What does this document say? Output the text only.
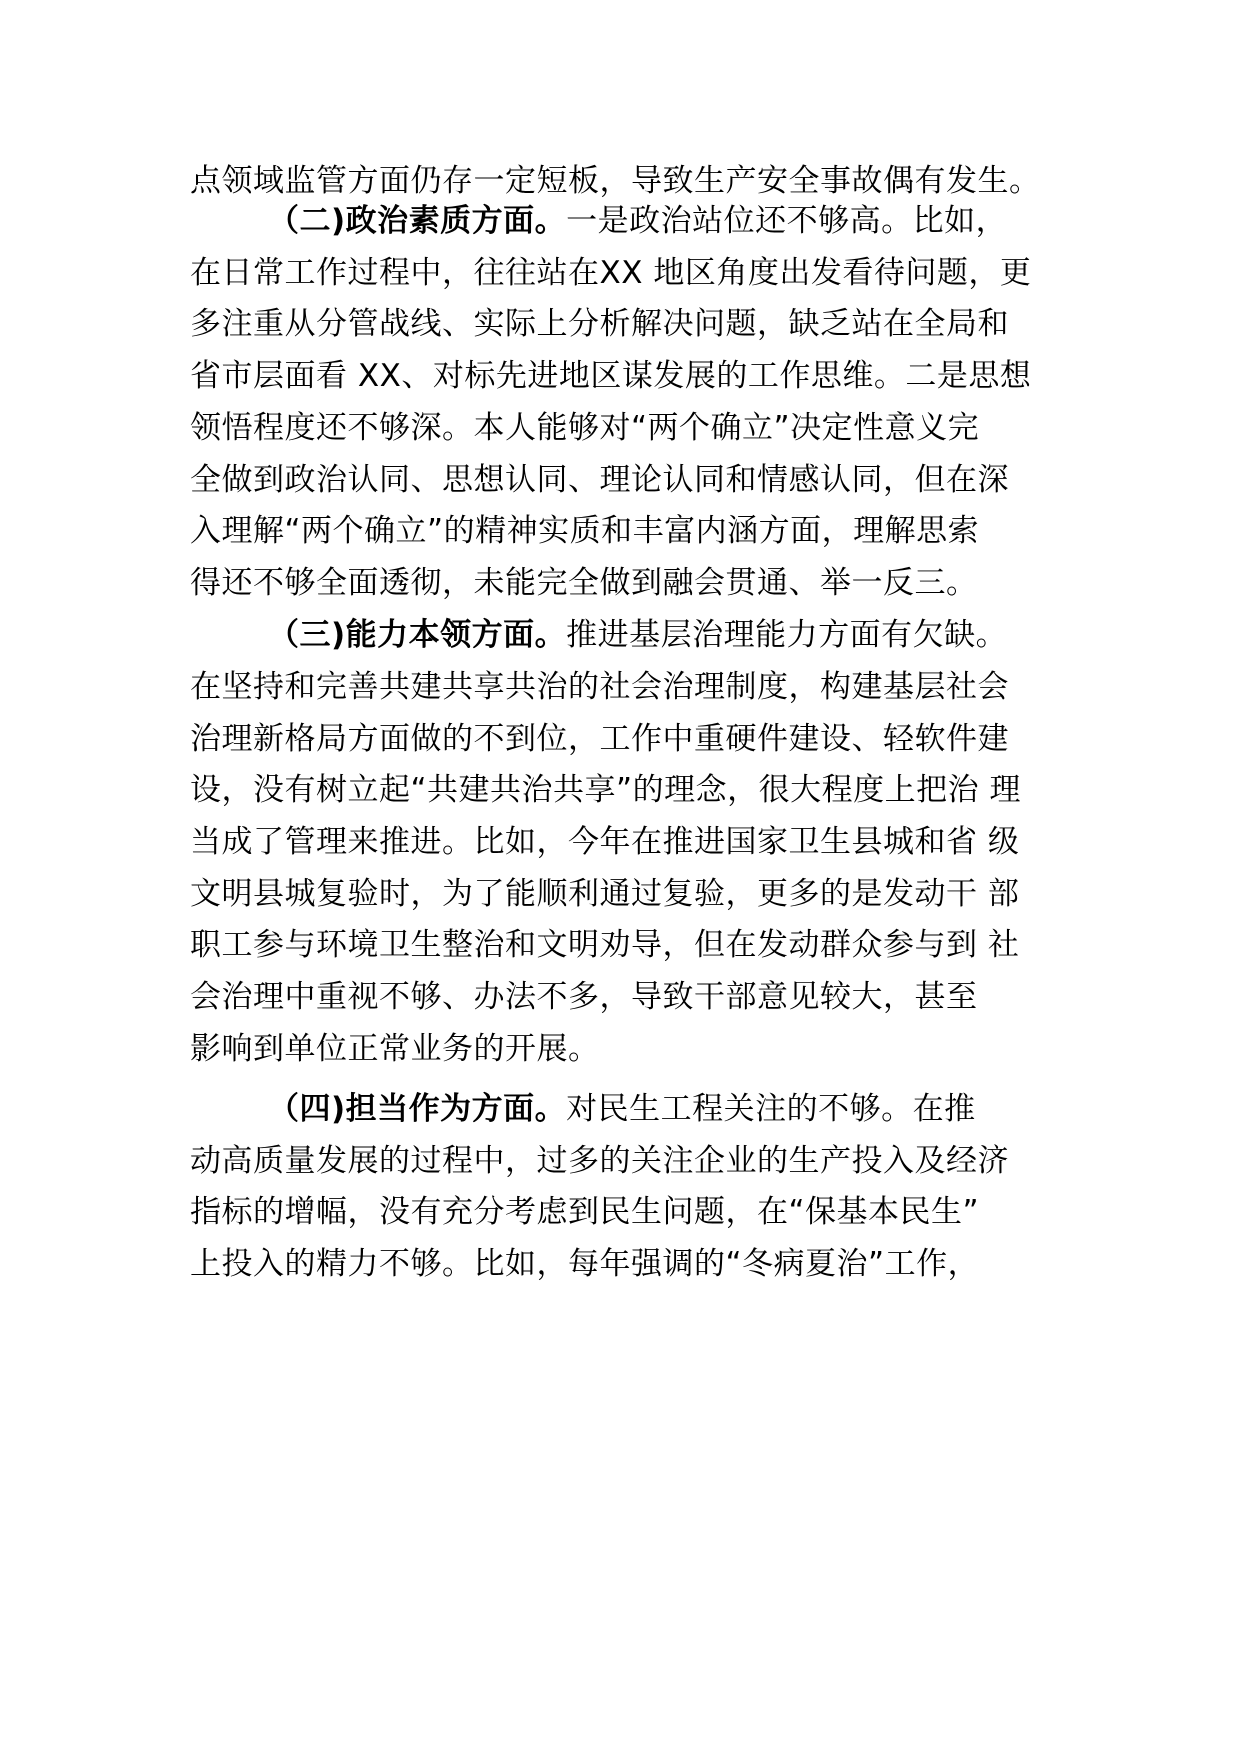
点领域监管方面仍存一定短板，导致生产安全事故偶有发生。
（二)政治素质方面。一是政治站位还不够高。比如，
在日常工作过程中，往往站在XX 地区角度出发看待问题，更
多注重从分管战线、实际上分析解决问题，缺乏站在全局和
省市层面看 XX、对标先进地区谋发展的工作思维。二是思想
领悟程度还不够深。本人能够对“两个确立”决定性意义完
全做到政治认同、思想认同、理论认同和情感认同，但在深
入理解“两个确立”的精神实质和丰富内涵方面，理解思索
得还不够全面透彻，未能完全做到融会贯通、举一反三。
（三)能力本领方面。推进基层治理能力方面有欠缺。
在坚持和完善共建共享共治的社会治理制度，构建基层社会
治理新格局方面做的不到位，工作中重硬件建设、轻软件建
设，没有树立起“共建共治共享”的理念，很大程度上把治 理
当成了管理来推进。比如，今年在推进国家卫生县城和省 级
文明县城复验时，为了能顺利通过复验，更多的是发动干 部
职工参与环境卫生整治和文明劝导，但在发动群众参与到 社
会治理中重视不够、办法不多，导致干部意见较大，甚至
影响到单位正常业务的开展。
（四)担当作为方面。对民生工程关注的不够。在推
动高质量发展的过程中，过多的关注企业的生产投入及经济
指标的增幅，没有充分考虑到民生问题，在“保基本民生”
上投入的精力不够。比如，每年强调的“冬病夏治”工作，
